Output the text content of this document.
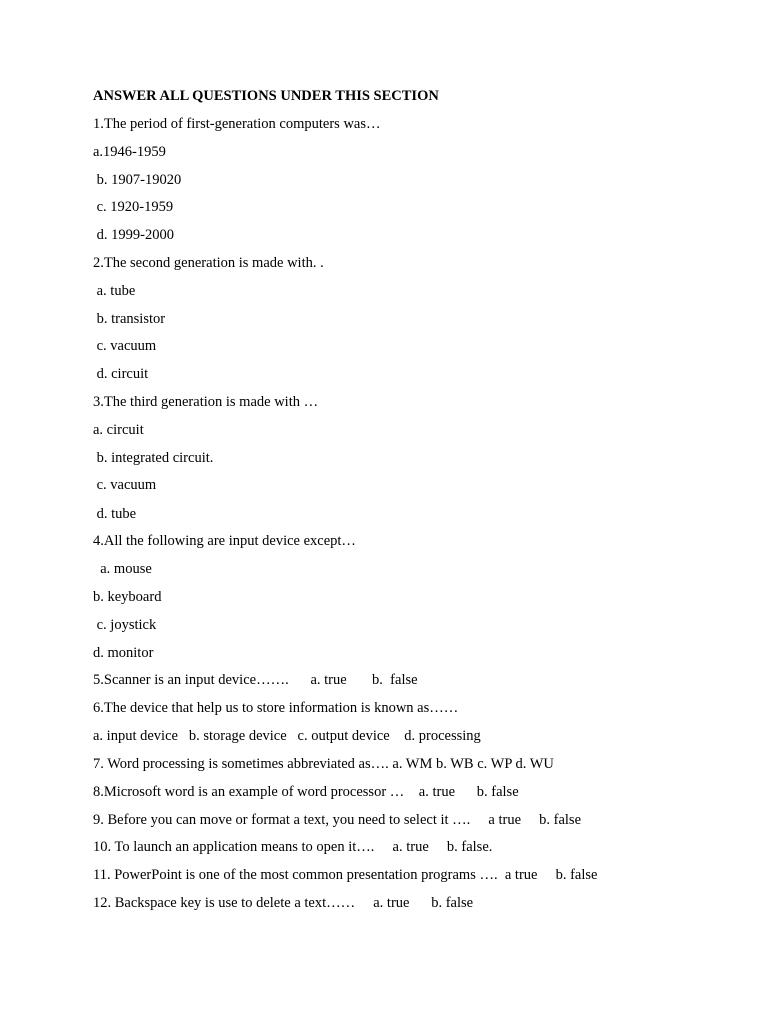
ANSWER ALL QUESTIONS UNDER THIS SECTION

1.The period of first-generation computers was…

a.1946-1959

b. 1907-19020

c. 1920-1959

d. 1999-2000

2.The second generation is made with. .

a. tube

b. transistor

c. vacuum

d. circuit

3.The third generation is made with …

a. circuit

b. integrated circuit.

c. vacuum

d. tube

4.All the following are input device except…

a. mouse

b. keyboard

c. joystick

d. monitor

5.Scanner is an input device…….      a. true       b.  false

6.The device that help us to store information is known as……

a. input device   b. storage device   c. output device    d. processing

7. Word processing is sometimes abbreviated as…. a. WM b. WB c. WP d. WU

8.Microsoft word is an example of word processor …    a. true      b. false

9. Before you can move or format a text, you need to select it ….     a true     b. false

10. To launch an application means to open it….     a. true     b. false.

11. PowerPoint is one of the most common presentation programs ….  a true     b. false

12. Backspace key is use to delete a text……     a. true      b. false
